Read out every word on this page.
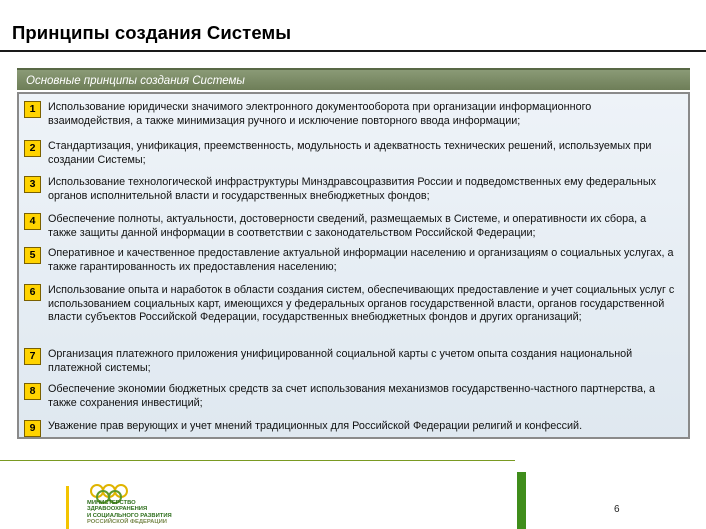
Принципы создания Системы
Основные принципы создания Системы
1	Использование юридически значимого электронного документооборота при организации информационного взаимодействия, а также минимизация ручного и исключение повторного ввода информации;
2	Стандартизация, унификация, преемственность, модульность и адекватность технических решений, используемых при создании Системы;
3	Использование технологической инфраструктуры Минздравсоцразвития России и подведомственных ему федеральных органов исполнительной власти и государственных внебюджетных фондов;
4	Обеспечение полноты, актуальности, достоверности сведений, размещаемых в Системе, и оперативности их сбора, а также защиты данной информации в соответствии с законодательством Российской Федерации;
5	Оперативное и качественное предоставление актуальной информации населению и организациям о социальных услугах, а также гарантированность их предоставления населению;
6	Использование опыта и наработок в области создания систем, обеспечивающих предоставление и учет социальных услуг с использованием социальных карт, имеющихся у федеральных органов государственной власти, органов государственной власти субъектов Российской Федерации, государственных внебюджетных фондов и других организаций;
7	Организация платежного приложения унифицированной социальной карты с учетом опыта создания национальной платежной системы;
8	Обеспечение экономии бюджетных средств за счет использования механизмов государственно-частного партнерства, а также сохранения инвестиций;
9	Уважение прав верующих и учет мнений традиционных для Российской Федерации религий и конфессий.
МИНИСТЕРСТВО
ЗДРАВООХРАНЕНИЯ
И СОЦИАЛЬНОГО РАЗВИТИЯ
РОССИЙСКОЙ ФЕДЕРАЦИИ
6
